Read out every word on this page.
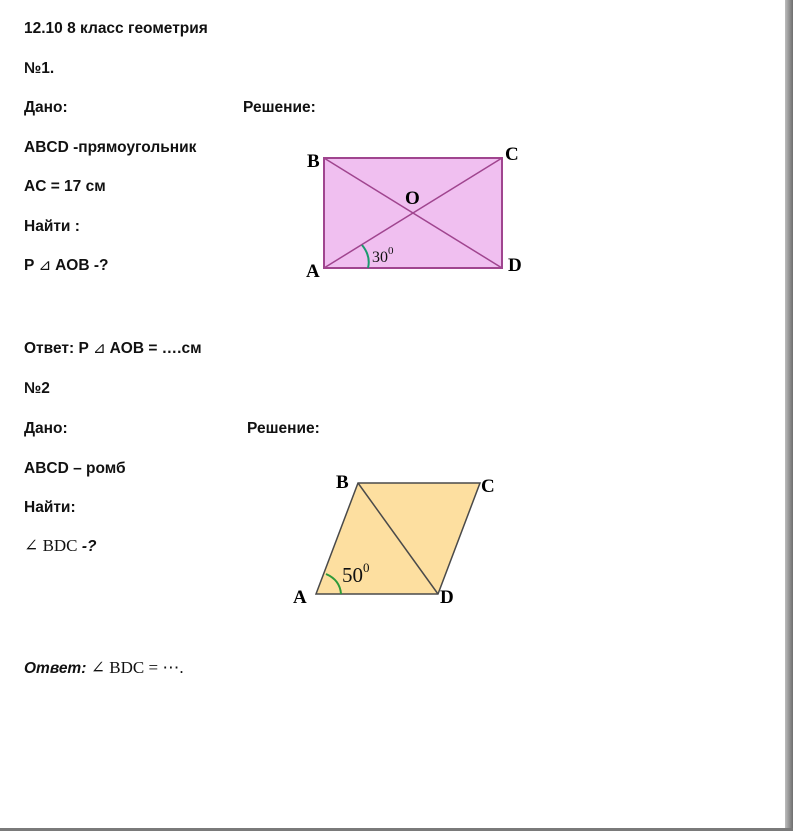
12.10 8 класс геометрия
№1.
Дано:	Решение:
ABCD -прямоугольник
AC = 17 см
Найти :
P ⊿ AOB -?
B	C
O
A	D
$30^0$
Ответ: P ⊿ AOB = ….см
№2
Дано:	Решение:
ABCD – ромб
Найти:
∠ BDC -?
B	C
A	D
$50^0$
Ответ: ∠ BDC = ⋯.
